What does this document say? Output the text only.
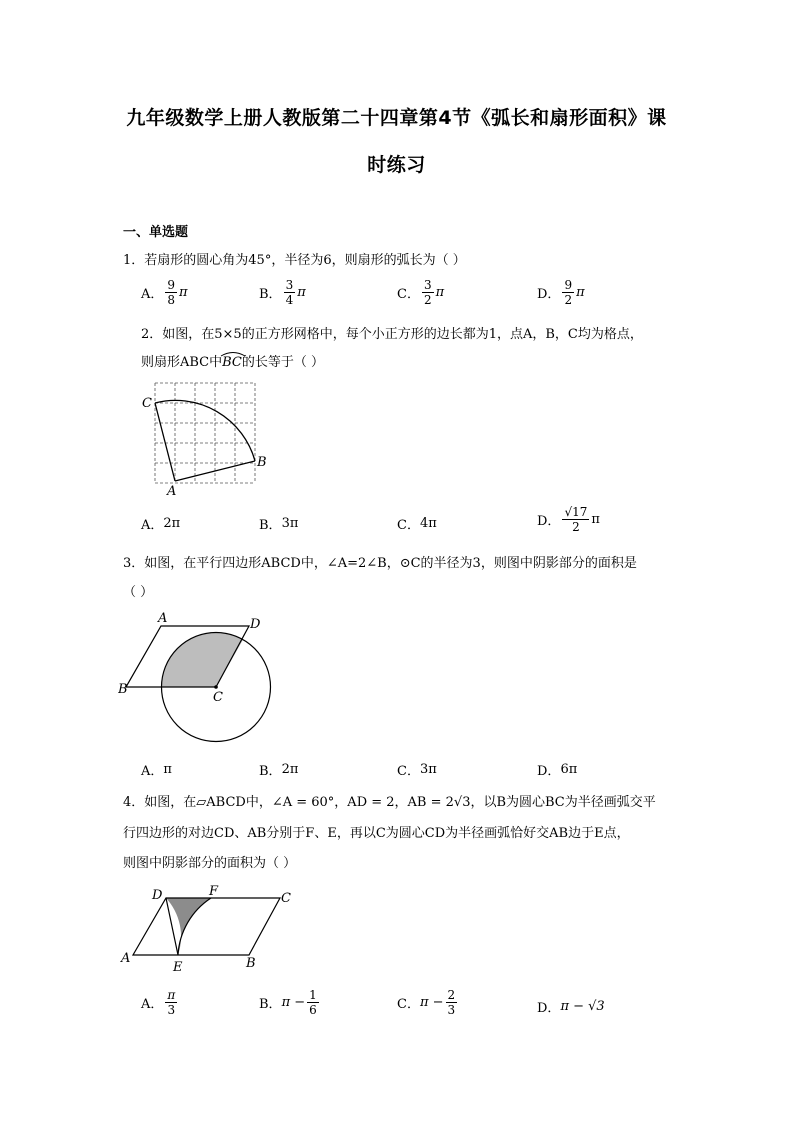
九年级数学上册人教版第二十四章第4节《弧长和扇形面积》课
时练习
一、单选题
1．若扇形的圆心角为45°，半径为6，则扇形的弧长为（ ）
A． $\frac{9}{8}$ π	B． $\frac{3}{4}$ π	C． $\frac{3}{2}$ π	D． $\frac{9}{2}$ π
2．如图，在5×5的正方形网格中，每个小正方形的边长都为1，点A，B，C均为格点，
则扇形ABC中
BC的长等于（ ）
C
A
B
A． 2π	B． 3π	C． 4π	D． $\frac{√17}{2}$ π
3．如图，在平行四边形ABCD中，∠A=2∠B，⊙C的半径为3，则图中阴影部分的面积是
（ ）
A	D
B
C
A． π	B． 2π	C． 3π	D． 6π
4．如图，在▱ABCD中，∠A = 60°，AD = 2，AB = 2√3，以B为圆心BC为半径画弧交平
行四边形的对边CD、AB分别于F、E，再以C为圆心CD为半径画弧恰好交AB边于E点，
则图中阴影部分的面积为（ ）
D	F	C
A
E	B
A． $\frac{\pi}{3}$	B． $\pi - \frac{1}{6}$	C． $\pi - \frac{2}{3}$	D． π − √3
